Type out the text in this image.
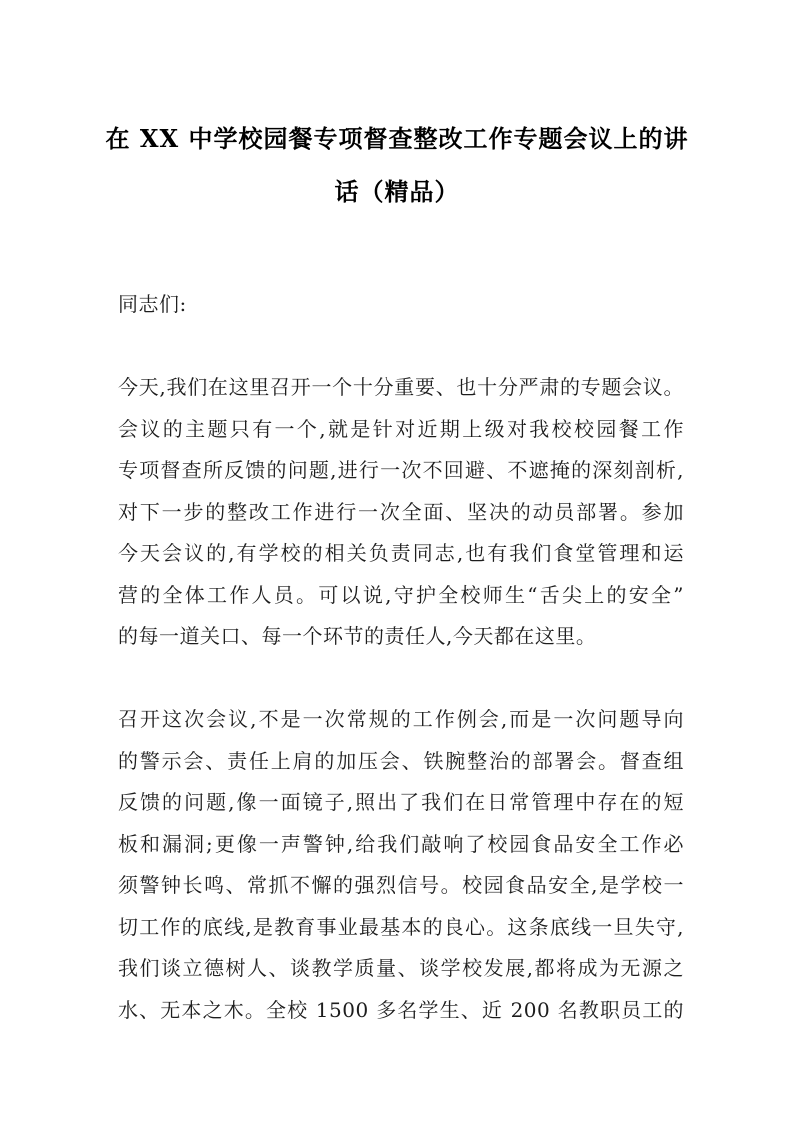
在 XX 中学校园餐专项督查整改工作专题会议上的讲
话（精品）
同志们:
今天,我们在这里召开一个十分重要、也十分严肃的专题会议。
会议的主题只有一个,就是针对近期上级对我校校园餐工作
专项督查所反馈的问题,进行一次不回避、不遮掩的深刻剖析,
对下一步的整改工作进行一次全面、坚决的动员部署。参加
今天会议的,有学校的相关负责同志,也有我们食堂管理和运
营的全体工作人员。可以说,守护全校师生“舌尖上的安全”
的每一道关口、每一个环节的责任人,今天都在这里。
召开这次会议,不是一次常规的工作例会,而是一次问题导向
的警示会、责任上肩的加压会、铁腕整治的部署会。督查组
反馈的问题,像一面镜子,照出了我们在日常管理中存在的短
板和漏洞;更像一声警钟,给我们敲响了校园食品安全工作必
须警钟长鸣、常抓不懈的强烈信号。校园食品安全,是学校一
切工作的底线,是教育事业最基本的良心。这条底线一旦失守,
我们谈立德树人、谈教学质量、谈学校发展,都将成为无源之
水、无本之木。全校 1500 多名学生、近 200 名教职员工的
